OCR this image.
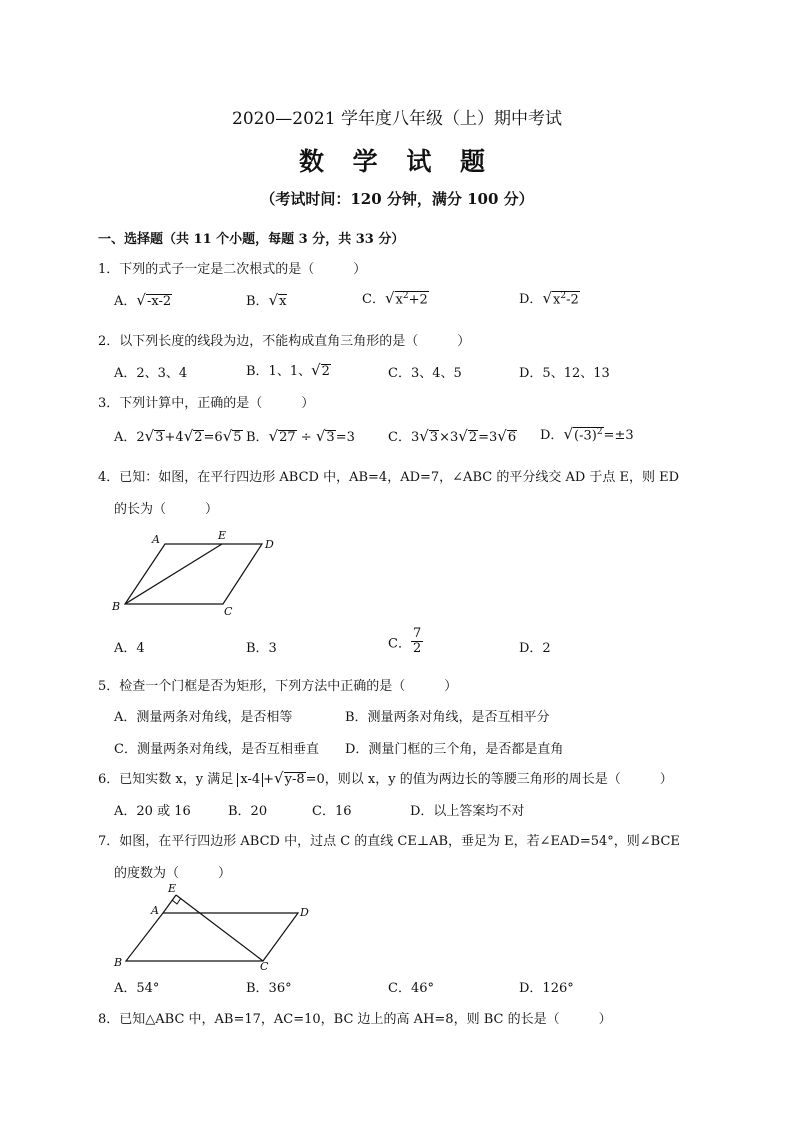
2020—2021 学年度八年级（上）期中考试
数 学 试 题
（考试时间：120 分钟，满分 100 分）
一、选择题（共 11 个小题，每题 3 分，共 33 分）
1．下列的式子一定是二次根式的是（　　　）
A．√-x-2	B．√x	C．$√x^2+2$	D．$√x^2-2$
2．以下列长度的线段为边，不能构成直角三角形的是（　　　）
A．2、3、4	B．1、1、√2	C．3、4、5	D．5、12、13
3．下列计算中，正确的是（　　　）
A．2√3+4√2=6√5 B．√27 ÷ √3=3	C．3√3×3√2=3√6 D．$√(-3)^2=\pm 3$
4．已知：如图，在平行四边形 ABCD 中，AB=4，AD=7，∠ABC 的平分线交 AD 于点 E，则 ED
的长为（　　　）
A	E
D
B	C
A．4	B．3	C． $\frac{7}{2}$	D．2
5．检查一个门框是否为矩形，下列方法中正确的是（　　　）
A．测量两条对角线，是否相等	B．测量两条对角线，是否互相平分
C．测量两条对角线，是否互相垂直 D．测量门框的三个角，是否都是直角
6．已知实数 x，y 满足 x-4 +√y-8=0，则以 x，y 的值为两边长的等腰三角形的周长是（　　　）
A．20 或 16	B．20	C．16	D．以上答案均不对
7．如图，在平行四边形 ABCD 中，过点 C 的直线 CE⊥AB，垂足为 E，若∠EAD=54°，则∠BCE
的度数为（　　　）
E
A	D
B	C
A．54°	B．36°	C．46°	D．126°
8．已知△ABC 中，AB=17，AC=10，BC 边上的高 AH=8，则 BC 的长是（　　　）
